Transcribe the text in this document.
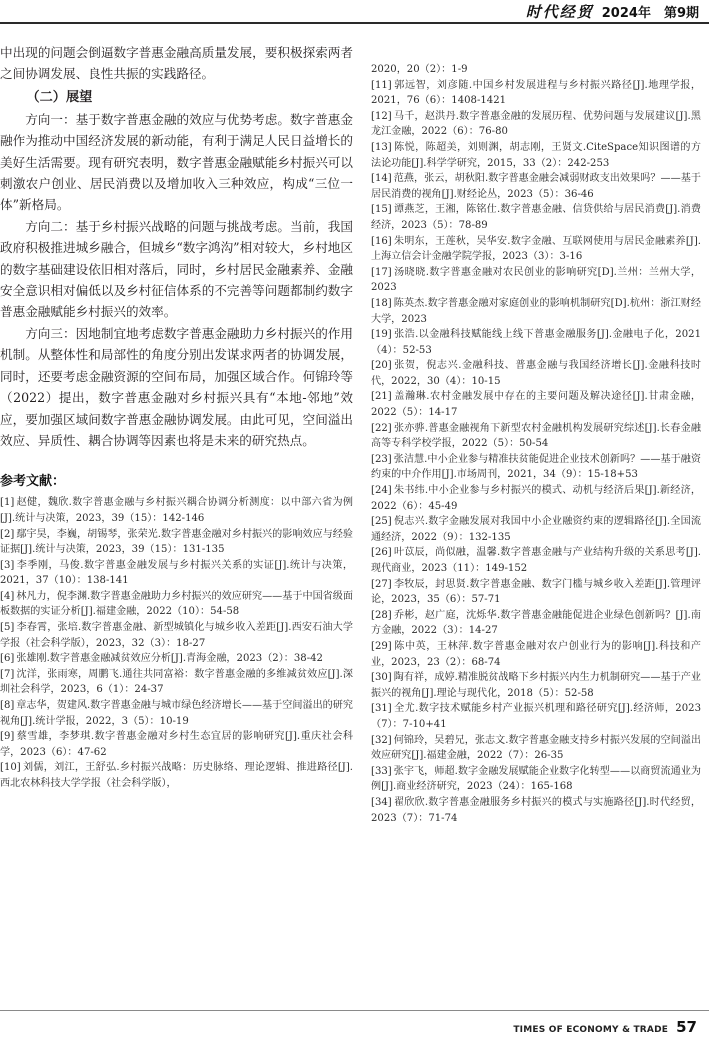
时代经贸 2024年　第9期

中出现的问题会倒逼数字普惠金融高质量发展，要积极探索两者之间协调发展、良性共振的实践路径。

（二）展望

方向一：基于数字普惠金融的效应与优势考虑。数字普惠金融作为推动中国经济发展的新动能，有利于满足人民日益增长的美好生活需要。现有研究表明，数字普惠金融赋能乡村振兴可以刺激农户创业、居民消费以及增加收入三种效应，构成“三位一体”新格局。

方向二：基于乡村振兴战略的问题与挑战考虑。当前，我国政府积极推进城乡融合，但城乡“数字鸿沟”相对较大，乡村地区的数字基础建设依旧相对落后，同时，乡村居民金融素养、金融安全意识相对偏低以及乡村征信体系的不完善等问题都制约数字普惠金融赋能乡村振兴的效率。

方向三：因地制宜地考虑数字普惠金融助力乡村振兴的作用机制。从整体性和局部性的角度分别出发谋求两者的协调发展，同时，还要考虑金融资源的空间布局，加强区域合作。何锦玲等（2022）提出，数字普惠金融对乡村振兴具有“本地-邻地”效应，要加强区域间数字普惠金融协调发展。由此可见，空间溢出效应、异质性、耦合协调等因素也将是未来的研究热点。

参考文献：

[1] 赵健，魏欣.数字普惠金融与乡村振兴耦合协调分析测度：以中部六省为例[J].统计与决策，2023，39（15）：142-146

[2] 鄢宇昊，李巍，胡锡琴，张荣光.数字普惠金融对乡村振兴的影响效应与经验证据[J].统计与决策，2023，39（15）：131-135

[3] 李季刚，马俊.数字普惠金融发展与乡村振兴关系的实证[J].统计与决策，2021，37（10）：138-141

[4] 林凡力，倪李渊.数字普惠金融助力乡村振兴的效应研究——基于中国省级面板数据的实证分析[J].福建金融，2022（10）：54-58

[5] 李春霄，张培.数字普惠金融、新型城镇化与城乡收入差距[J].西安石油大学学报（社会科学版），2023，32（3）：18-27

[6] 张雄刚.数字普惠金融减贫效应分析[J].青海金融，2023（2）：38-42

[7] 沈洋，张雨寒，周鹏飞.通往共同富裕：数字普惠金融的多维减贫效应[J].深圳社会科学，2023，6（1）：24-37

[8] 章志华，贺建风.数字普惠金融与城市绿色经济增长——基于空间溢出的研究视角[J].统计学报，2022，3（5）：10-19

[9] 蔡雪雄，李梦琪.数字普惠金融对乡村生态宜居的影响研究[J].重庆社会科学，2023（6）：47-62

[10] 刘儒，刘江，王舒弘.乡村振兴战略：历史脉络、理论逻辑、推进路径[J].西北农林科技大学学报（社会科学版），

2020，20（2）：1-9

[11] 郭远智，刘彦随.中国乡村发展进程与乡村振兴路径[J].地理学报，2021，76（6）：1408-1421

[12] 马千，赵洪丹.数字普惠金融的发展历程、优势问题与发展建议[J].黑龙江金融，2022（6）：76-80

[13] 陈悦，陈超美，刘则渊，胡志刚，王贤文.CiteSpace知识图谱的方法论功能[J].科学学研究，2015，33（2）：242-253

[14] 范燕，张云，胡秋阳.数字普惠金融会减弱财政支出效果吗？——基于居民消费的视角[J].财经论丛，2023（5）：36-46

[15] 谭燕芝，王湘，陈铭仕.数字普惠金融、信贷供给与居民消费[J].消费经济，2023（5）：78-89

[16] 朱明东，王莲秋，吴华安.数字金融、互联网使用与居民金融素养[J].上海立信会计金融学院学报，2023（3）：3-16

[17] 汤晓晓.数字普惠金融对农民创业的影响研究[D].兰州：兰州大学，2023

[18] 陈英杰.数字普惠金融对家庭创业的影响机制研究[D].杭州：浙江财经大学，2023

[19] 张浩.以金融科技赋能线上线下普惠金融服务[J].金融电子化，2021（4）：52-53

[20] 张贺，倪志兴.金融科技、普惠金融与我国经济增长[J].金融科技时代，2022，30（4）：10-15

[21] 盖瀚琳.农村金融发展中存在的主要问题及解决途径[J].甘肃金融，2022（5）：14-17

[22] 张亦骅.普惠金融视角下新型农村金融机构发展研究综述[J].长春金融高等专科学校学报，2022（5）：50-54

[23] 张洁慧.中小企业参与精准扶贫能促进企业技术创新吗？——基于融资约束的中介作用[J].市场周刊，2021，34（9）：15-18+53

[24] 朱书纬.中小企业参与乡村振兴的模式、动机与经济后果[J].新经济，2022（6）：45-49

[25] 倪志兴.数字金融发展对我国中小企业融资约束的逻辑路径[J].全国流通经济，2022（9）：132-135

[26] 叶苡辰，尚似融，温馨.数字普惠金融与产业结构升级的关系思考[J].现代商业，2023（11）：149-152

[27] 李牧辰，封思贤.数字普惠金融、数字门槛与城乡收入差距[J].管理评论，2023，35（6）：57-71

[28] 乔彬，赵广庭，沈烁华.数字普惠金融能促进企业绿色创新吗？[J].南方金融，2022（3）：14-27

[29] 陈中英，王林萍.数字普惠金融对农户创业行为的影响[J].科技和产业，2023，23（2）：68-74

[30] 陶有祥，成婷.精准脱贫战略下乡村振兴内生力机制研究——基于产业振兴的视角[J].理论与现代化，2018（5）：52-58

[31] 全尤.数字技术赋能乡村产业振兴机理和路径研究[J].经济师，2023（7）：7-10+41

[32] 何锦玲，吴碧兄，张志文.数字普惠金融支持乡村振兴发展的空间溢出效应研究[J].福建金融，2022（7）：26-35

[33] 张宇飞，师超.数字金融发展赋能企业数字化转型——以商贸流通业为例[J].商业经济研究，2023（24）：165-168

[34] 翟欣欣.数字普惠金融服务乡村振兴的模式与实施路径[J].时代经贸，2023（7）：71-74

TIMES OF ECONOMY & TRADE 57
